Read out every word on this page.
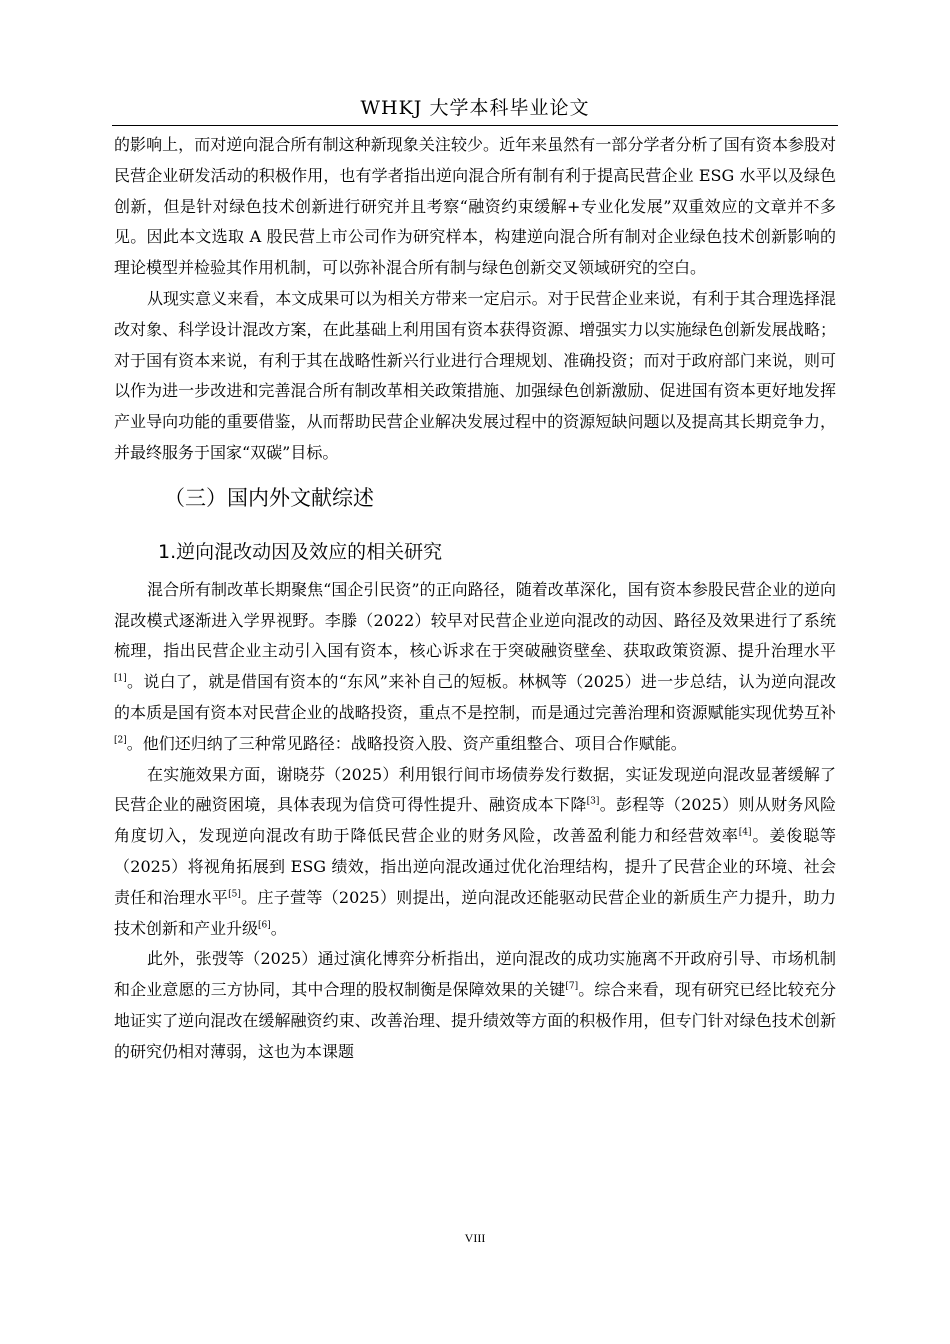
WHKJ 大学本科毕业论文

的影响上，而对逆向混合所有制这种新现象关注较少。近年来虽然有一部分学者分析了国有资本参股对民营企业研发活动的积极作用，也有学者指出逆向混合所有制有利于提高民营企业 ESG 水平以及绿色创新，但是针对绿色技术创新进行研究并且考察“融资约束缓解+专业化发展”双重效应的文章并不多见。因此本文选取 A 股民营上市公司作为研究样本，构建逆向混合所有制对企业绿色技术创新影响的理论模型并检验其作用机制，可以弥补混合所有制与绿色创新交叉领域研究的空白。

从现实意义来看，本文成果可以为相关方带来一定启示。对于民营企业来说，有利于其合理选择混改对象、科学设计混改方案，在此基础上利用国有资本获得资源、增强实力以实施绿色创新发展战略；对于国有资本来说，有利于其在战略性新兴行业进行合理规划、准确投资；而对于政府部门来说，则可以作为进一步改进和完善混合所有制改革相关政策措施、加强绿色创新激励、促进国有资本更好地发挥产业导向功能的重要借鉴，从而帮助民营企业解决发展过程中的资源短缺问题以及提高其长期竞争力，并最终服务于国家“双碳”目标。

（三）国内外文献综述
1.逆向混改动因及效应的相关研究

混合所有制改革长期聚焦“国企引民资”的正向路径，随着改革深化，国有资本参股民营企业的逆向混改模式逐渐进入学界视野。李滕（2022）较早对民营企业逆向混改的动因、路径及效果进行了系统梳理，指出民营企业主动引入国有资本，核心诉求在于突破融资壁垒、获取政策资源、提升治理水平[1]。说白了，就是借国有资本的“东风”来补自己的短板。林枫等（2025）进一步总结，认为逆向混改的本质是国有资本对民营企业的战略投资，重点不是控制，而是通过完善治理和资源赋能实现优势互补[2]。他们还归纳了三种常见路径：战略投资入股、资产重组整合、项目合作赋能。

在实施效果方面，谢晓芬（2025）利用银行间市场债券发行数据，实证发现逆向混改显著缓解了民营企业的融资困境，具体表现为信贷可得性提升、融资成本下降[3]。彭程等（2025）则从财务风险角度切入，发现逆向混改有助于降低民营企业的财务风险，改善盈利能力和经营效率[4]。姜俊聪等（2025）将视角拓展到 ESG 绩效，指出逆向混改通过优化治理结构，提升了民营企业的环境、社会责任和治理水平[5]。庄子萱等（2025）则提出，逆向混改还能驱动民营企业的新质生产力提升，助力技术创新和产业升级[6]。

此外，张弢等（2025）通过演化博弈分析指出，逆向混改的成功实施离不开政府引导、市场机制和企业意愿的三方协同，其中合理的股权制衡是保障效果的关键[7]。综合来看，现有研究已经比较充分地证实了逆向混改在缓解融资约束、改善治理、提升绩效等方面的积极作用，但专门针对绿色技术创新的研究仍相对薄弱，这也为本课题

VIII
